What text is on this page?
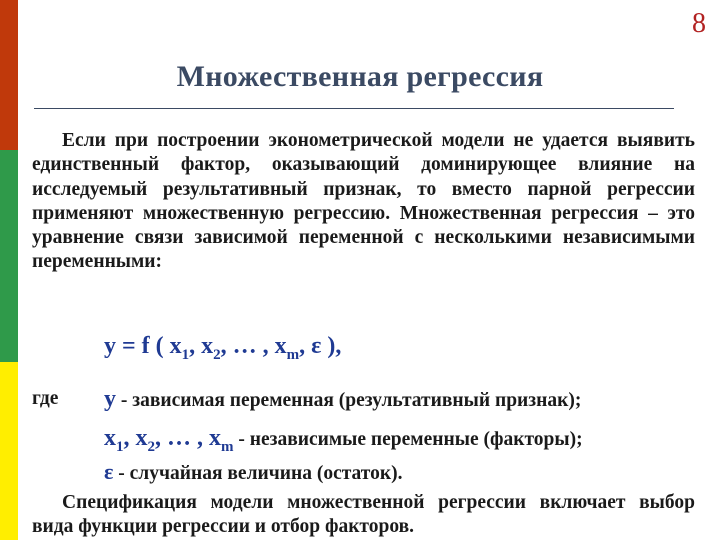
8
Множественная регрессия
Если при построении эконометрической модели не удается выявить единственный фактор, оказывающий доминирующее влияние на исследуемый результативный признак, то вместо парной регрессии применяют множественную регрессию. Множественная регрессия – это уравнение связи зависимой переменной с несколькими независимыми переменными:
y = f ( $x_1$, $x_2$, … , $x_m$, ε ),
где y - зависимая переменная (результативный признак);
$x_1$, $x_2$, … , $x_m$ - независимые переменные (факторы);
ε - случайная величина (остаток).
Спецификация модели множественной регрессии включает выбор вида функции регрессии и отбор факторов.
